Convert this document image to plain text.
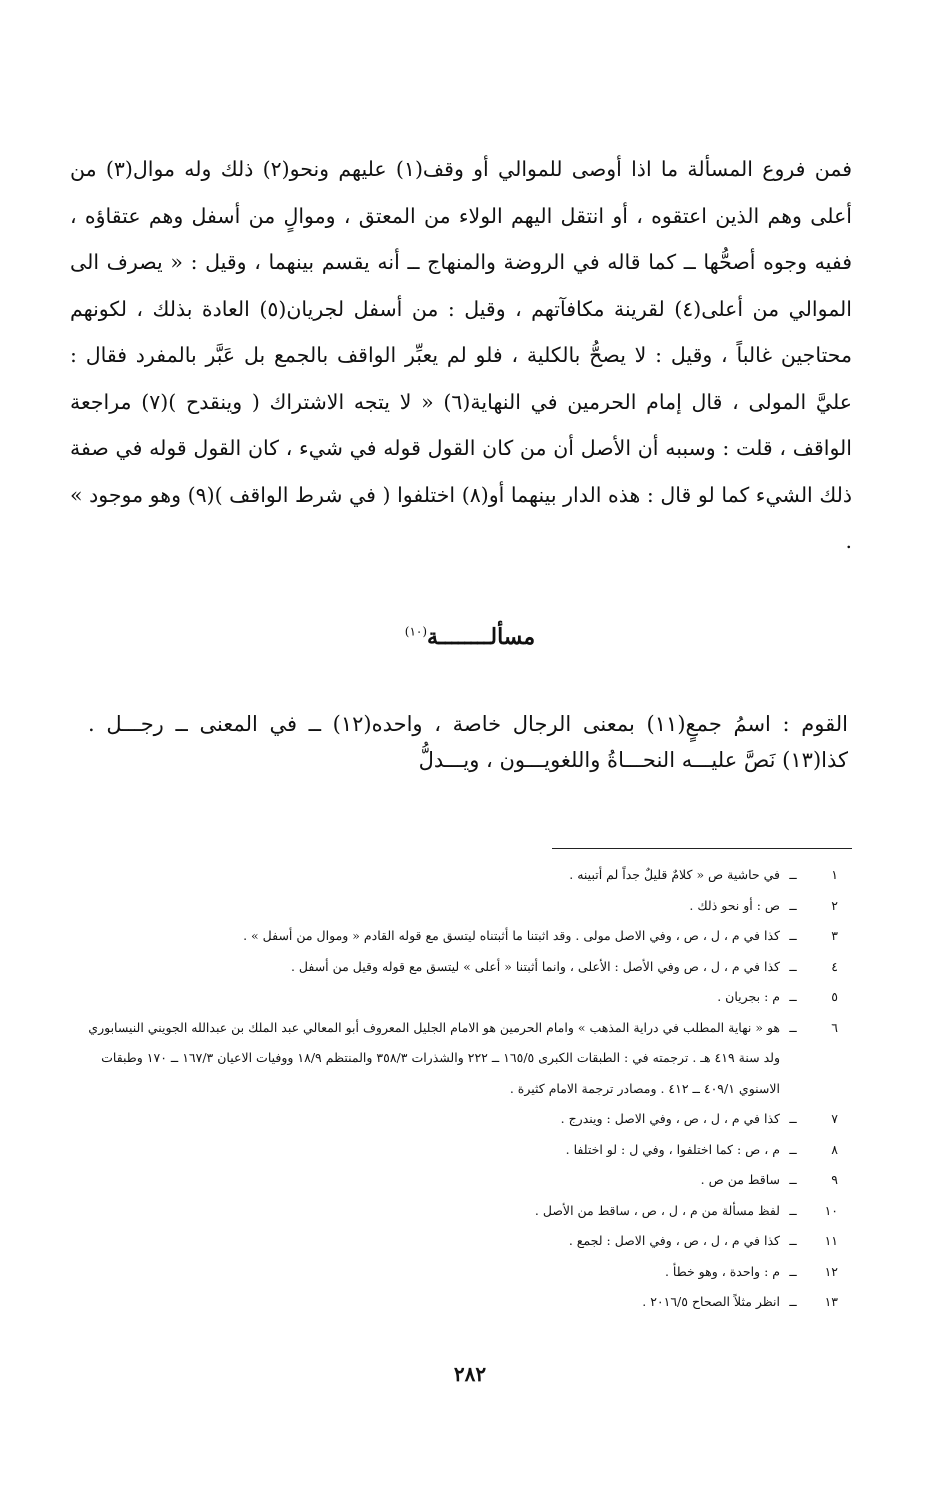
فمن فروع المسألة ما اذا أوصى للموالي أو وقف(١) عليهم ونحو(٢) ذلك وله موال(٣) من أعلى وهم الذين اعتقوه ، أو انتقل اليهم الولاء من المعتق ، وموالٍ من أسفل وهم عتقاؤه ، ففيه وجوه أصحُّها ــ كما قاله في الروضة والمنهاج ــ أنه يقسم بينهما ، وقيل : « يصرف الى الموالي من أعلى(٤) لقرينة مكافآتهم ، وقيل : من أسفل لجريان(٥) العادة بذلك ، لكونهم محتاجين غالباً ، وقيل : لا يصحُّ بالكلية ، فلو لم يعبِّر الواقف بالجمع بل عَبَّر بالمفرد فقال : عليَّ المولى ، قال إمام الحرمين في النهاية(٦) « لا يتجه الاشتراك ( وينقدح )(٧) مراجعة الواقف ، قلت : وسببه أن الأصل أن من كان القول قوله في شيء ، كان القول قوله في صفة ذلك الشيء كما لو قال : هذه الدار بينهما أو(٨) اختلفوا ( في شرط الواقف )(٩) وهو موجود » .

مسألــــــــة$^{(١٠)}$

القوم : اسمُ جمعٍ(١١) بمعنى الرجال خاصة ، واحده(١٢) ــ في المعنى ــ رجـــل . كذا(١٣) نَصَّ عليـــه النحـــاةُ واللغويـــون ، ويـــدلُّ

١
ــ
في حاشية ص « كلامٌ قليلٌ جداً لم أتبينه .
٢
ــ
ص : أو نحو ذلك .
٣
ــ
كذا في م ، ل ، ص ، وفي الاصل مولى . وقد اثبتنا ما أثبتناه ليتسق مع قوله القادم « وموال من أسفل » .
٤
ــ
كذا في م ، ل ، ص وفي الأصل : الأعلى ، وانما أثبتنا « أعلى » ليتسق مع قوله وقيل من أسفل .
٥
ــ
م : بجريان .
٦
ــ
هو « نهاية المطلب في دراية المذهب » وامام الحرمين هو الامام الجليل المعروف أبو المعالي عبد الملك بن عبدالله الجويني النيسابوري ولد سنة ٤١٩ هـ . ترجمته في : الطبقات الكبرى ١٦٥/٥ ــ ٢٢٢ والشذرات ٣٥٨/٣ والمنتظم ١٨/٩ ووفيات الاعيان ١٦٧/٣ ــ ١٧٠ وطبقات الاسنوي ٤٠٩/١ ــ ٤١٢ . ومصادر ترجمة الامام كثيرة .
٧
ــ
كذا في م ، ل ، ص ، وفي الاصل : ويندرج .
٨
ــ
م ، ص : كما اختلفوا ، وفي ل : لو اختلفا .
٩
ــ
ساقط من ص .
١٠
ــ
لفظ مسألة من م ، ل ، ص ، ساقط من الأصل .
١١
ــ
كذا في م ، ل ، ص ، وفي الاصل : لجمع .
١٢
ــ
م : واحدة ، وهو خطأ .
١٣
ــ
انظر مثلاً الصحاح ٢٠١٦/٥ .
٢٨٢
